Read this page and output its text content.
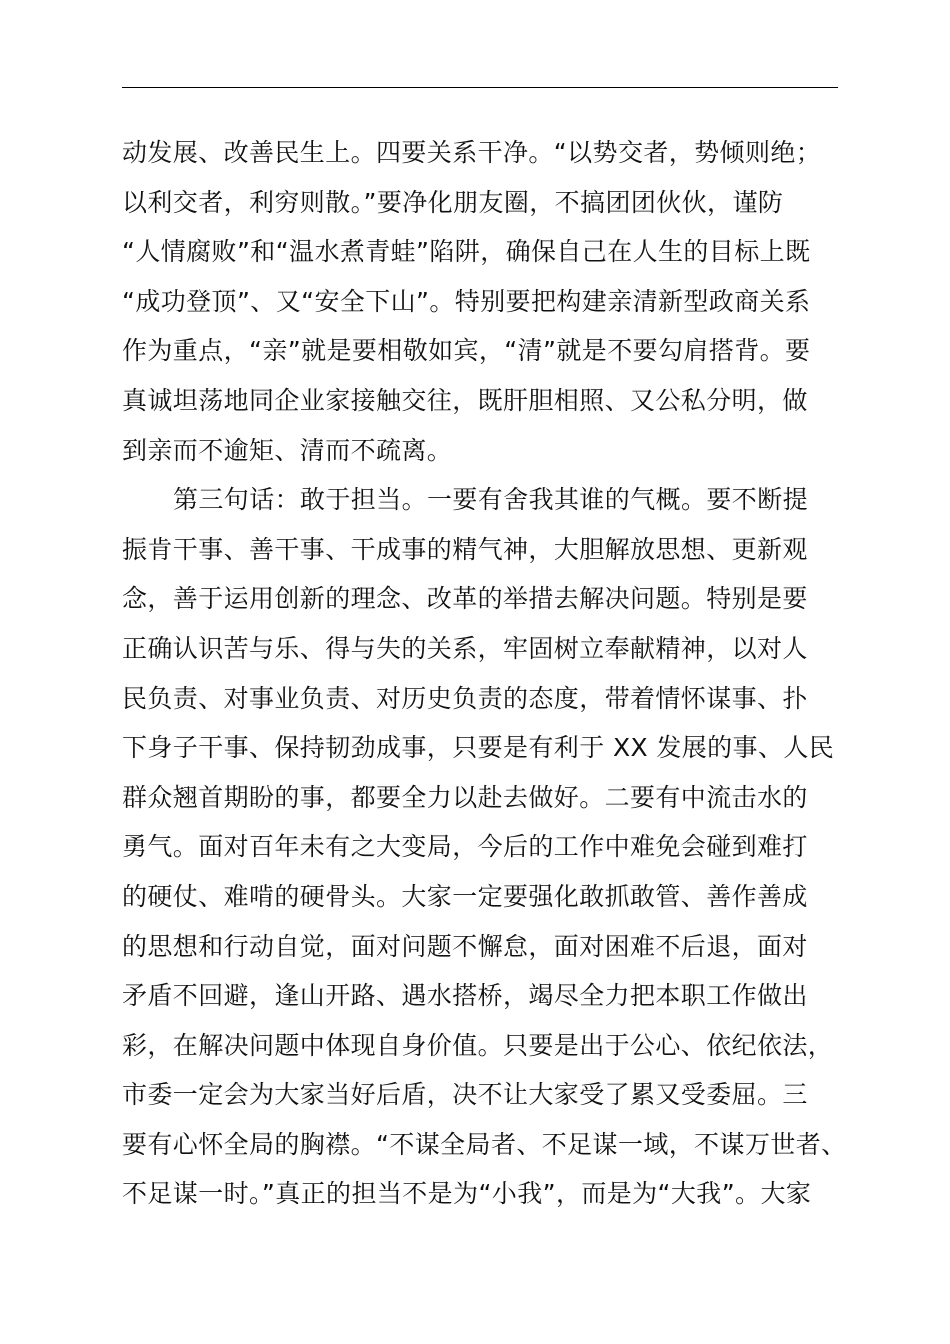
动发展、改善民生上。四要关系干净。“以势交者，势倾则绝；
以利交者，利穷则散。”要净化朋友圈，不搞团团伙伙，谨防
“人情腐败”和“温水煮青蛙”陷阱，确保自己在人生的目标上既
“成功登顶”、又“安全下山”。特别要把构建亲清新型政商关系
作为重点，“亲”就是要相敬如宾，“清”就是不要勾肩搭背。要
真诚坦荡地同企业家接触交往，既肝胆相照、又公私分明，做
到亲而不逾矩、清而不疏离。
第三句话：敢于担当。一要有舍我其谁的气概。要不断提
振肯干事、善干事、干成事的精气神，大胆解放思想、更新观
念，善于运用创新的理念、改革的举措去解决问题。特别是要
正确认识苦与乐、得与失的关系，牢固树立奉献精神，以对人
民负责、对事业负责、对历史负责的态度，带着情怀谋事、扑
下身子干事、保持韧劲成事，只要是有利于 XX 发展的事、人民
群众翘首期盼的事，都要全力以赴去做好。二要有中流击水的
勇气。面对百年未有之大变局，今后的工作中难免会碰到难打
的硬仗、难啃的硬骨头。大家一定要强化敢抓敢管、善作善成
的思想和行动自觉，面对问题不懈怠，面对困难不后退，面对
矛盾不回避，逢山开路、遇水搭桥，竭尽全力把本职工作做出
彩，在解决问题中体现自身价值。只要是出于公心、依纪依法，
市委一定会为大家当好后盾，决不让大家受了累又受委屈。三
要有心怀全局的胸襟。“不谋全局者、不足谋一域，不谋万世者、
不足谋一时。”真正的担当不是为“小我”，而是为“大我”。大家
